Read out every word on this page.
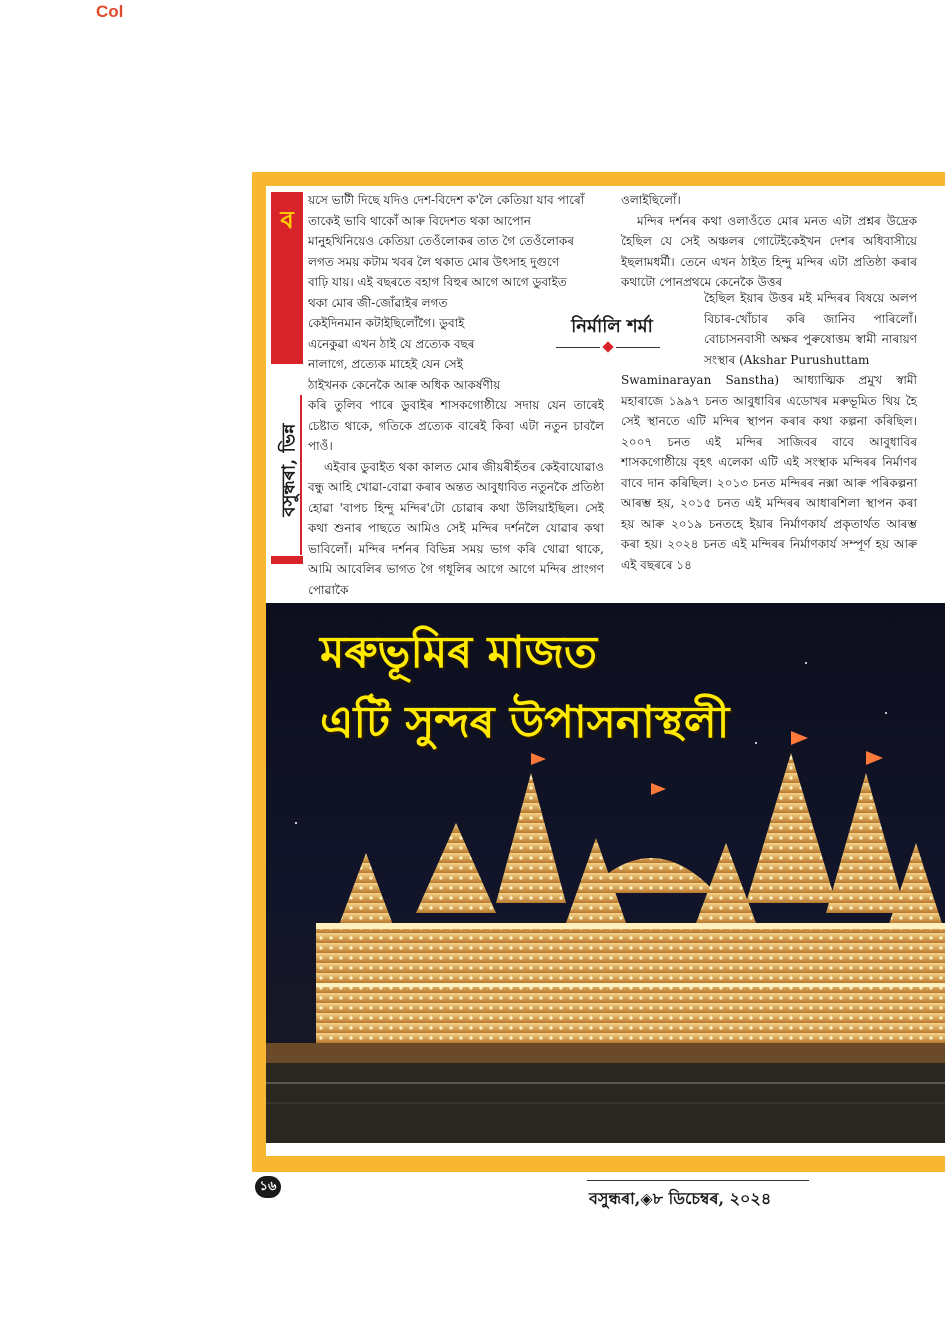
Col
ব
বসুন্ধৰা, ভিন্ন
য়সে ভাটী দিছে যদিও দেশ-বিদেশ ক'লৈ কেতিয়া যাব পাৰোঁ
তাকেই ভাবি থাকোঁ আৰু বিদেশত থকা আপোন
মানুহখিনিয়েও কেতিয়া তেওঁলোকৰ তাত গৈ তেওঁলোকৰ
লগত সময় কটাম খবৰ লৈ থকাত মোৰ উৎসাহ দুগুণে
বাঢ়ি যায়। এই বছৰতে বহাগ বিহুৰ আগে আগে ডুবাইত
থকা মোৰ জী-জোঁৱাইৰ লগত
কেইদিনমান কটাইছিলোঁগৈ। ডুবাই
এনেকুৱা এখন ঠাই যে প্ৰত্যেক বছৰ
নালাগে, প্ৰত্যেক মাহেই যেন সেই
ঠাইখনক কেনেকৈ আৰু অধিক আকৰ্ষণীয়

কৰি তুলিব পাৰে ডুবাইৰ শাসকগোষ্ঠীয়ে সদায় যেন তাৰেই চেষ্টাত থাকে, গতিকে প্ৰত্যেক বাৰেই কিবা এটা নতুন চাবলৈ পাওঁ।

এইবাৰ ডুবাইত থকা কালত মোৰ জীয়ৰীহঁতৰ কেইবাযোৱাও বন্ধু আহি খোৱা-বোৱা কৰাৰ অন্তত আবুধাবিত নতুনকৈ প্ৰতিষ্ঠা হোৱা 'বাপচ হিন্দু মন্দিৰ'টো চোৱাৰ কথা উলিয়াইছিল। সেই কথা শুনাৰ পাছতে আমিও সেই মন্দিৰ দৰ্শনলৈ যোৱাৰ কথা ভাবিলোঁ। মন্দিৰ দৰ্শনৰ বিভিন্ন সময় ভাগ কৰি থোৱা থাকে, আমি আবেলিৰ ভাগত গৈ গধূলিৰ আগে আগে মন্দিৰ প্ৰাংগণ পোৱাকৈ

ওলাইছিলোঁ।

মন্দিৰ দৰ্শনৰ কথা ওলাওঁতে মোৰ মনত এটা প্ৰশ্নৰ উদ্ৰেক হৈছিল যে সেই অঞ্চলৰ গোটেইকেইখন দেশৰ অধিবাসীয়ে ইছলামধৰ্মী। তেনে এখন ঠাইত হিন্দু মন্দিৰ এটা প্ৰতিষ্ঠা কৰাৰ কথাটো পোনপ্ৰথমে কেনেকৈ উত্তৰ

নিৰ্মালি শৰ্মা

হৈছিল ইয়াৰ উত্তৰ মই মন্দিৰৰ বিষয়ে অলপ বিচাৰ-খোঁচাৰ কৰি জানিব পাৰিলোঁ। বোচাসনবাসী অক্ষৰ পুৰুষোত্তম স্বামী নাৰায়ণ সংস্থাৰ (Akshar Purushuttam

Swaminarayan Sanstha) আধ্যাত্মিক প্ৰমুখ স্বামী মহাৰাজে ১৯৯৭ চনত আবুধাবিৰ এডোখৰ মৰুভূমিত থিয় হৈ সেই স্থানতে এটি মন্দিৰ স্থাপন কৰাৰ কথা কল্পনা কৰিছিল। ২০০৭ চনত এই মন্দিৰ সাজিবৰ বাবে আবুধাবিৰ শাসকগোষ্ঠীয়ে বৃহৎ এলেকা এটি এই সংস্থাক মন্দিৰৰ নিৰ্মাণৰ বাবে দান কৰিছিল। ২০১৩ চনত মন্দিৰৰ নক্সা আৰু পৰিকল্পনা আৰম্ভ হয়, ২০১৫ চনত এই মন্দিৰৰ আধাৰশিলা স্থাপন কৰা হয় আৰু ২০১৯ চনতহে ইয়াৰ নিৰ্মাণকাৰ্য প্ৰকৃতাৰ্থত আৰম্ভ কৰা হয়। ২০২৪ চনত এই মন্দিৰৰ নিৰ্মাণকাৰ্য সম্পূৰ্ণ হয় আৰু এই বছৰৰে ১৪

মৰুভূমিৰ মাজত
এটি সুন্দৰ উপাসনাস্থলী
১৬
বসুন্ধৰা,◈৮ ডিচেম্বৰ, ২০২৪
